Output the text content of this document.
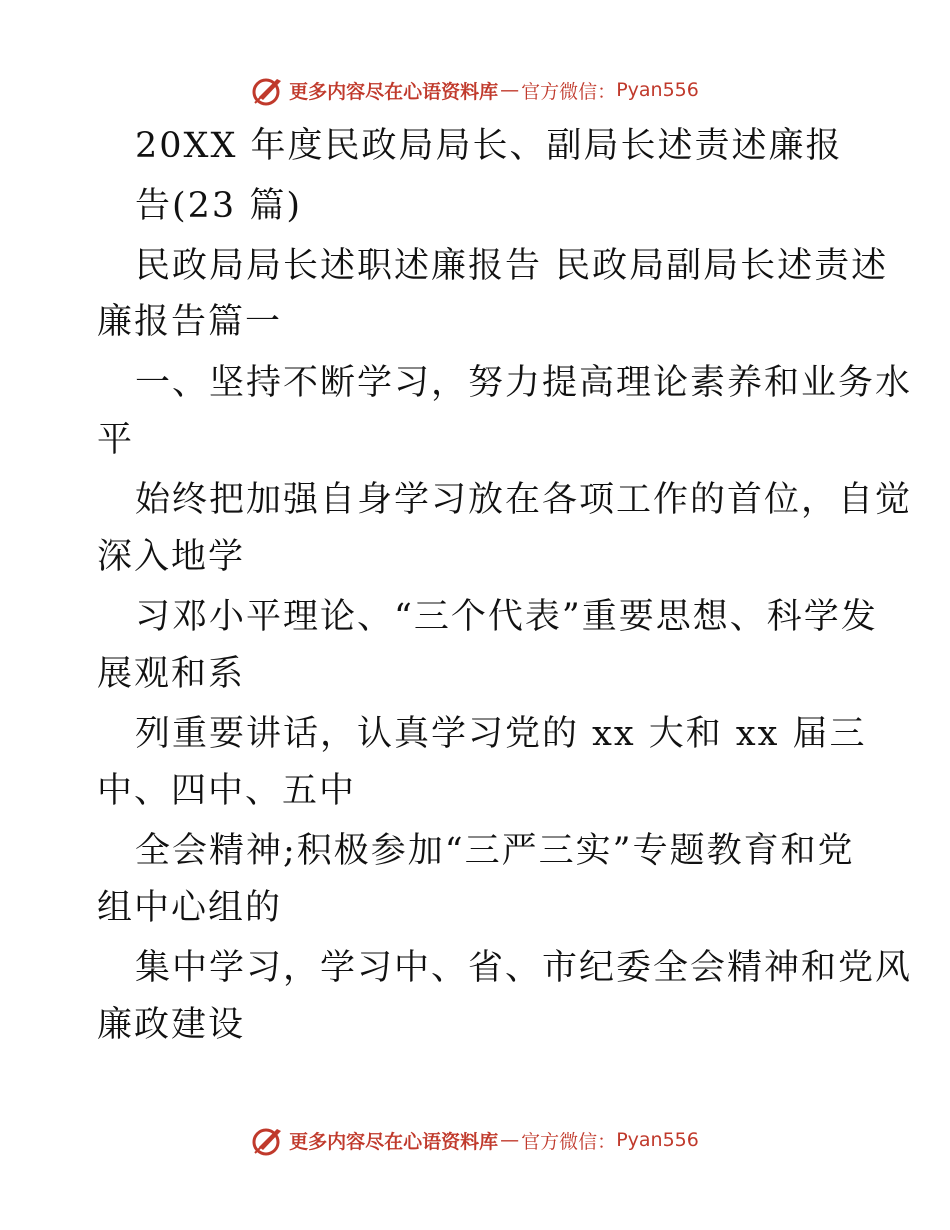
更多内容尽在心语资料库 — 官方微信： Pyan556
20XX 年度民政局局长、副局长述责述廉报
告(23 篇)
民政局局长述职述廉报告 民政局副局长述责述
廉报告篇一
一、坚持不断学习，努力提高理论素养和业务水
平
始终把加强自身学习放在各项工作的首位，自觉
深入地学
习邓小平理论、“三个代表”重要思想、科学发
展观和系
列重要讲话，认真学习党的 xx 大和 xx 届三
中、四中、五中
全会精神;积极参加“三严三实”专题教育和党
组中心组的
集中学习，学习中、省、市纪委全会精神和党风
廉政建设
更多内容尽在心语资料库 — 官方微信： Pyan556
